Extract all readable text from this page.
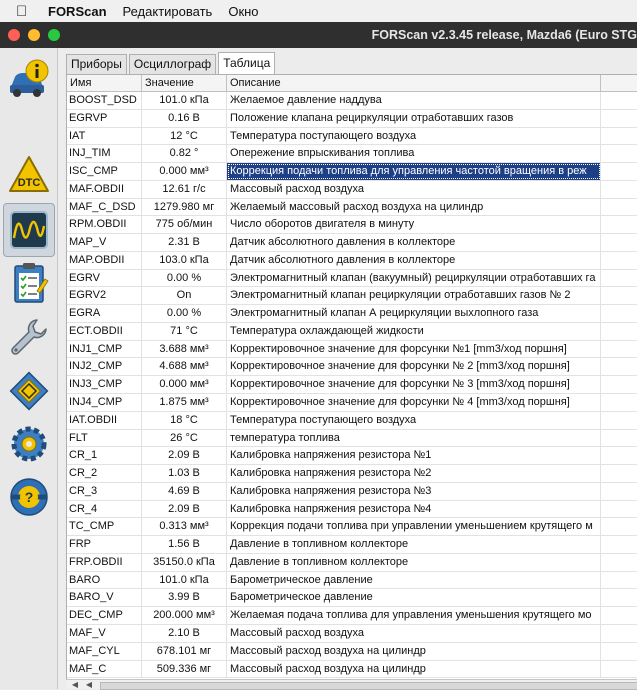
FORScan Редактировать Окно
FORScan v2.3.45 release, Mazda6 (Euro STG
DTC
?
Приборы	Осциллограф	Таблица
Имя	Значение	Описание
BOOST_DSD	101.0 кПа	Желаемое давление наддува
EGRVP	0.16 В	Положение клапана рециркуляции отработавших газов
IAT	12 °C	Температура поступающего воздуха
INJ_TIM	0.82 °	Опережение впрыскивания топлива
ISC_CMP	0.000 мм³	Коррекция подачи топлива для управления частотой вращения в реж
MAF.OBDII	12.61 г/с	Массовый расход воздуха
MAF_C_DSD	1279.980 мг	Желаемый массовый расход воздуха на цилиндр
RPM.OBDII	775 об/мин	Число оборотов двигателя в минуту
MAP_V	2.31 В	Датчик абсолютного давления в коллекторе
MAP.OBDII	103.0 кПа	Датчик абсолютного давления в коллекторе
EGRV	0.00 %	Электромагнитный клапан (вакуумный) рециркуляции отработавших га
EGRV2	On	Электромагнитный клапан рециркуляции отработавших газов № 2
EGRA	0.00 %	Электромагнитный клапан А рециркуляции выхлопного газа
ECT.OBDII	71 °C	Температура охлаждающей жидкости
INJ1_CMP	3.688 мм³	Корректировочное значение для форсунки №1 [mm3/ход поршня]
INJ2_CMP	4.688 мм³	Корректировочное значение для форсунки № 2 [mm3/ход поршня]
INJ3_CMP	0.000 мм³	Корректировочное значение для форсунки № 3 [mm3/ход поршня]
INJ4_CMP	1.875 мм³	Корректировочное значение для форсунки № 4 [mm3/ход поршня]
IAT.OBDII	18 °C	Температура поступающего воздуха
FLT	26 °C	температура топлива
CR_1	2.09 В	Калибровка напряжения резистора №1
CR_2	1.03 В	Калибровка напряжения резистора №2
CR_3	4.69 В	Калибровка напряжения резистора №3
CR_4	2.09 В	Калибровка напряжения резистора №4
TC_CMP	0.313 мм³	Коррекция подачи топлива при управлении уменьшением крутящего м
FRP	1.56 В	Давление в топливном коллекторе
FRP.OBDII	35150.0 кПа	Давление в топливном коллекторе
BARO	101.0 кПа	Барометрическое давление
BARO_V	3.99 В	Барометрическое давление
DEC_CMP	200.000 мм³	Желаемая подача топлива для управления уменьшения крутящего мо
MAF_V	2.10 В	Массовый расход воздуха
MAF_CYL	678.101 мг	Массовый расход воздуха на цилиндр
MAF_C	509.336 мг	Массовый расход воздуха на цилиндр
◀ ◀
